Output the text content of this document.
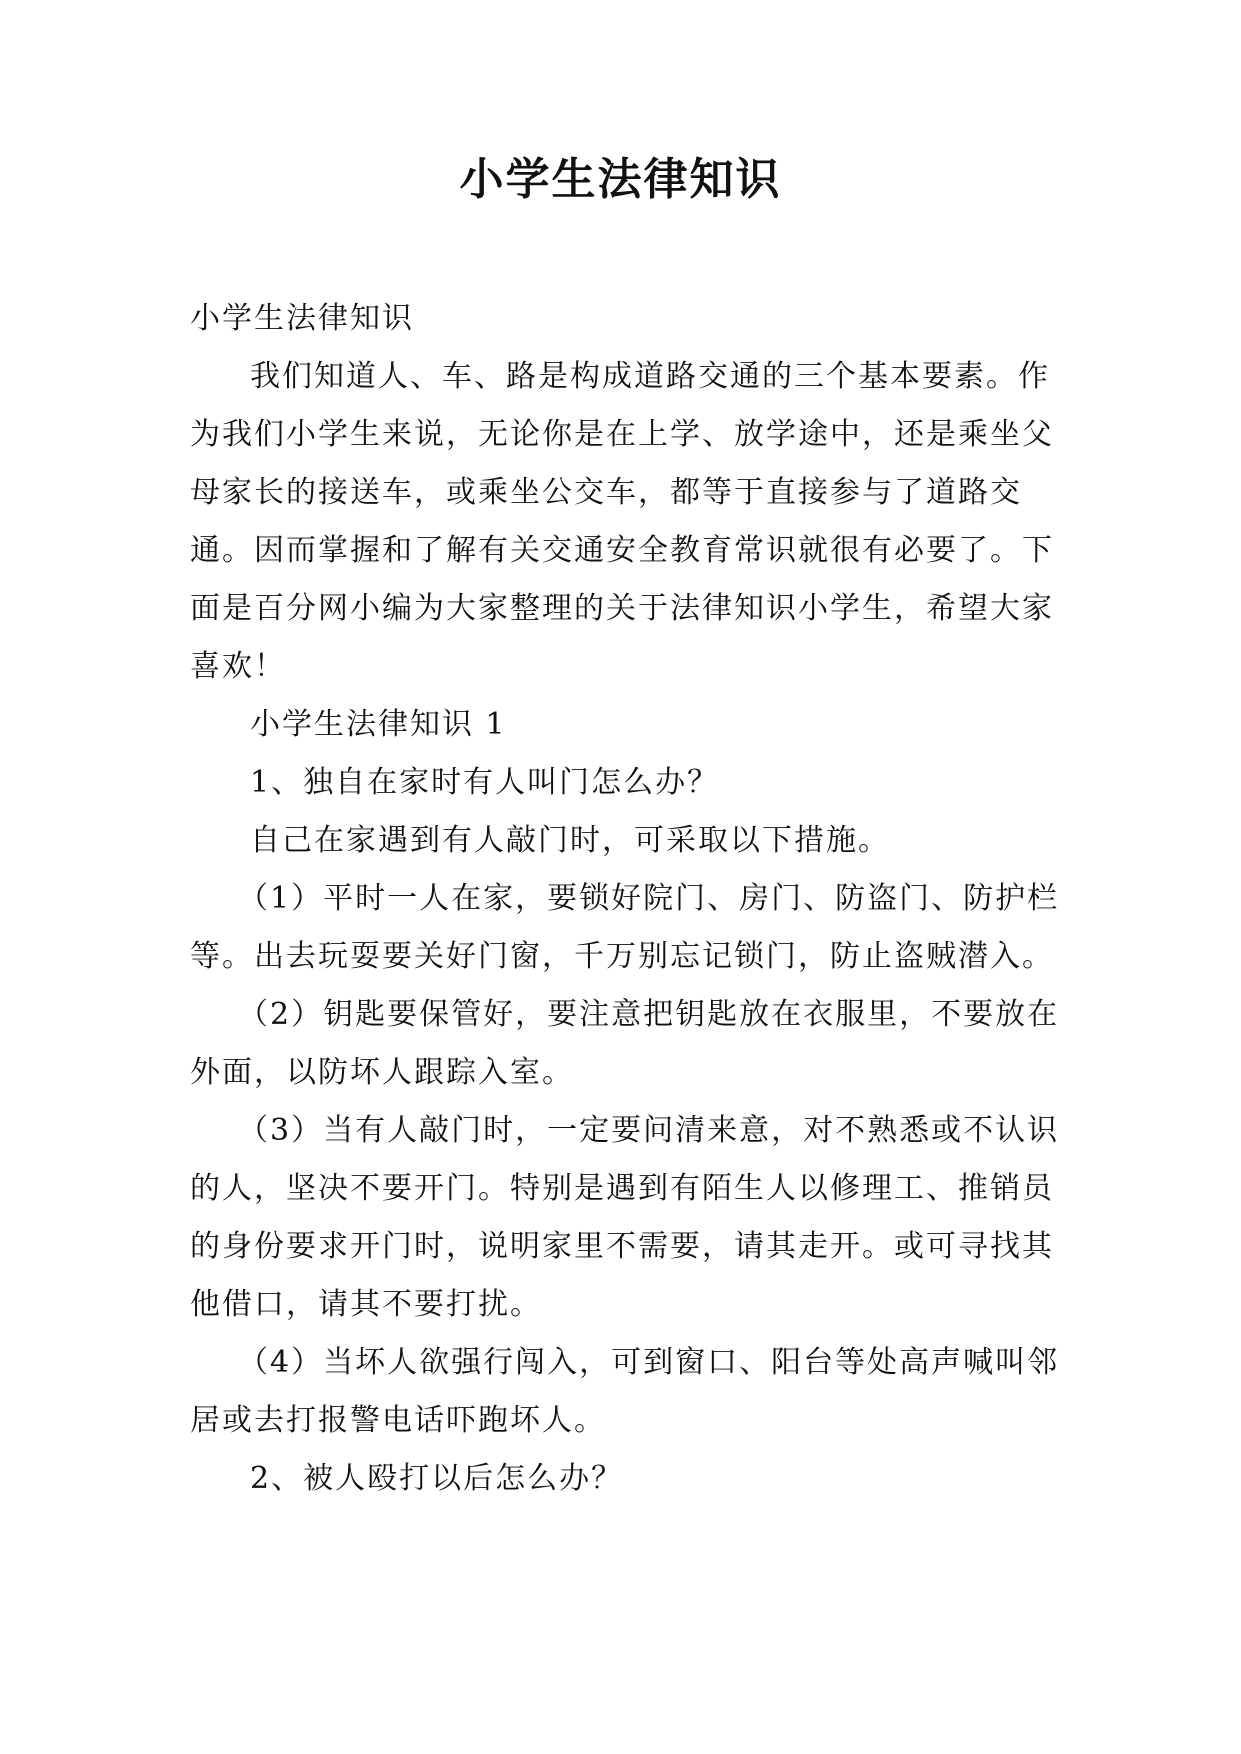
小学生法律知识

小学生法律知识

我们知道人、车、路是构成道路交通的三个基本要素。作为我们小学生来说，无论你是在上学、放学途中，还是乘坐父母家长的接送车，或乘坐公交车，都等于直接参与了道路交通。因而掌握和了解有关交通安全教育常识就很有必要了。下面是百分网小编为大家整理的关于法律知识小学生，希望大家喜欢！

小学生法律知识 1

1、独自在家时有人叫门怎么办？

自己在家遇到有人敲门时，可采取以下措施。

（1）平时一人在家，要锁好院门、房门、防盗门、防护栏等。出去玩耍要关好门窗，千万别忘记锁门，防止盗贼潜入。

（2）钥匙要保管好，要注意把钥匙放在衣服里，不要放在外面，以防坏人跟踪入室。

（3）当有人敲门时，一定要问清来意，对不熟悉或不认识的人，坚决不要开门。特别是遇到有陌生人以修理工、推销员的身份要求开门时，说明家里不需要，请其走开。或可寻找其他借口，请其不要打扰。

（4）当坏人欲强行闯入，可到窗口、阳台等处高声喊叫邻居或去打报警电话吓跑坏人。

2、被人殴打以后怎么办？
